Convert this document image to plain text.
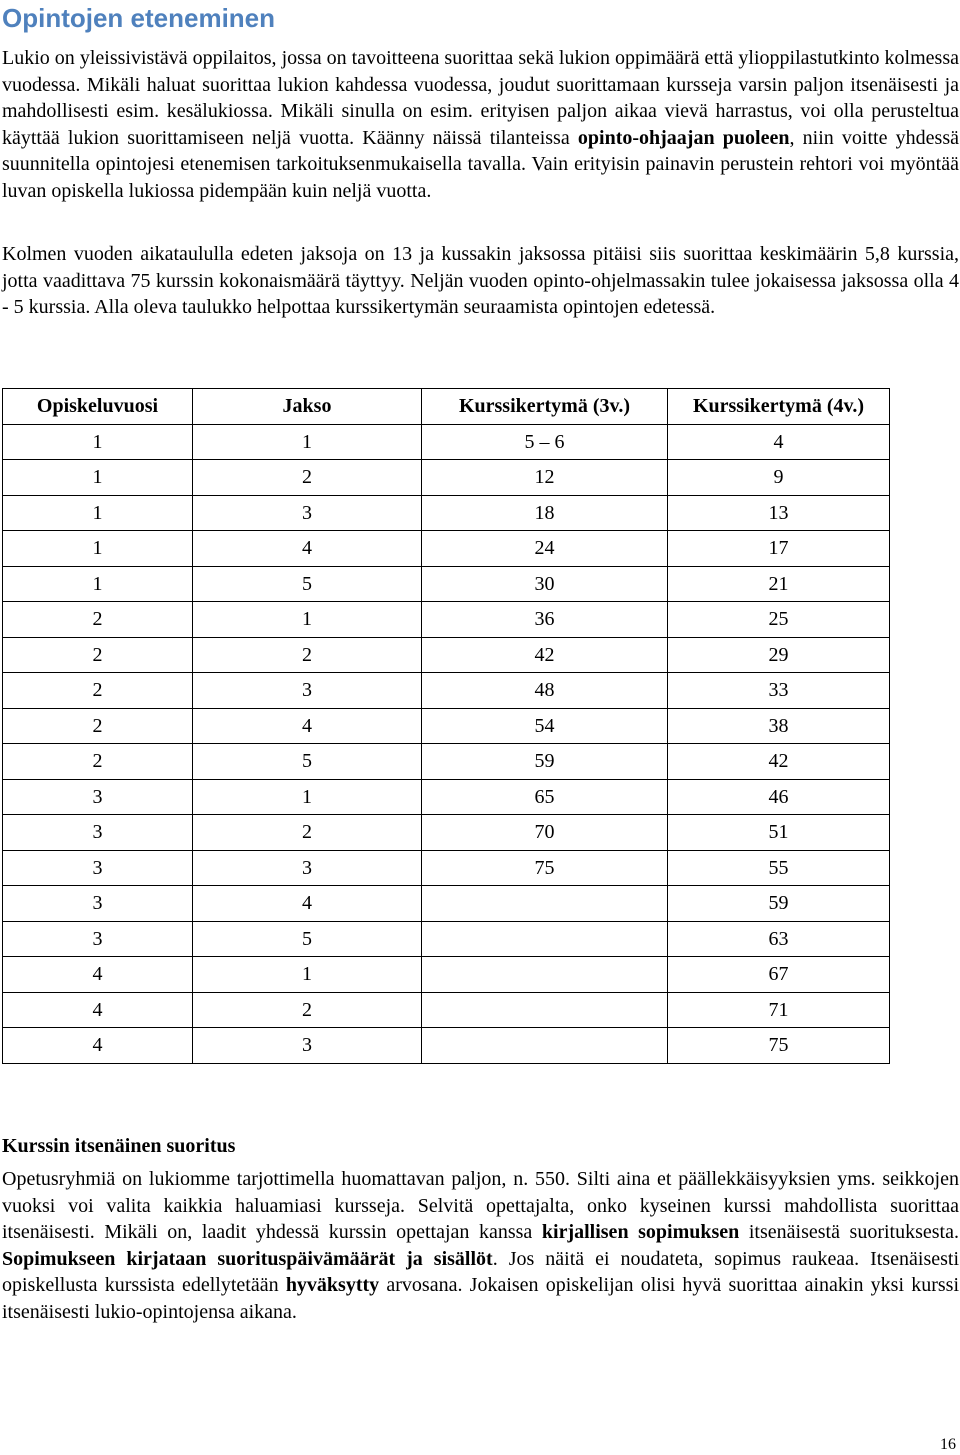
Opintojen eteneminen

Lukio on yleissivistävä oppilaitos, jossa on tavoitteena suorittaa sekä lukion oppimäärä että ylioppilastutkinto kolmessa vuodessa. Mikäli haluat suorittaa lukion kahdessa vuodessa, joudut suorittamaan kursseja varsin paljon itsenäisesti ja mahdollisesti esim. kesälukiossa. Mikäli sinulla on esim. erityisen paljon aikaa vievä harrastus, voi olla perusteltua käyttää lukion suorittamiseen neljä vuotta. Käänny näissä tilanteissa opinto-ohjaajan puoleen, niin voitte yhdessä suunnitella opintojesi etenemisen tarkoituksenmukaisella tavalla. Vain erityisin painavin perustein rehtori voi myöntää luvan opiskella lukiossa pidempään kuin neljä vuotta.

Kolmen vuoden aikataululla edeten jaksoja on 13 ja kussakin jaksossa pitäisi siis suorittaa keskimäärin 5,8 kurssia, jotta vaadittava 75 kurssin kokonaismäärä täyttyy. Neljän vuoden opinto-ohjelmassakin tulee jokaisessa jaksossa olla 4 - 5 kurssia. Alla oleva taulukko helpottaa kurssikertymän seuraamista opintojen edetessä.

Opiskeluvuosi	Jakso	Kurssikertymä (3v.)	Kurssikertymä (4v.)
1	1	5 – 6	4
1	2	12	9
1	3	18	13
1	4	24	17
1	5	30	21
2	1	36	25
2	2	42	29
2	3	48	33
2	4	54	38
2	5	59	42
3	1	65	46
3	2	70	51
3	3	75	55
3	4		59
3	5		63
4	1		67
4	2		71
4	3		75
Kurssin itsenäinen suoritus

Opetusryhmiä on lukiomme tarjottimella huomattavan paljon, n. 550. Silti aina et päällekkäisyyksien yms. seikkojen vuoksi voi valita kaikkia haluamiasi kursseja. Selvitä opettajalta, onko kyseinen kurssi mahdollista suorittaa itsenäisesti. Mikäli on, laadit yhdessä kurssin opettajan kanssa kirjallisen sopimuksen itsenäisestä suorituksesta. Sopimukseen kirjataan suorituspäivämäärät ja sisällöt. Jos näitä ei noudateta, sopimus raukeaa. Itsenäisesti opiskellusta kurssista edellytetään hyväksytty arvosana. Jokaisen opiskelijan olisi hyvä suorittaa ainakin yksi kurssi itsenäisesti lukio-opintojensa aikana.

16
